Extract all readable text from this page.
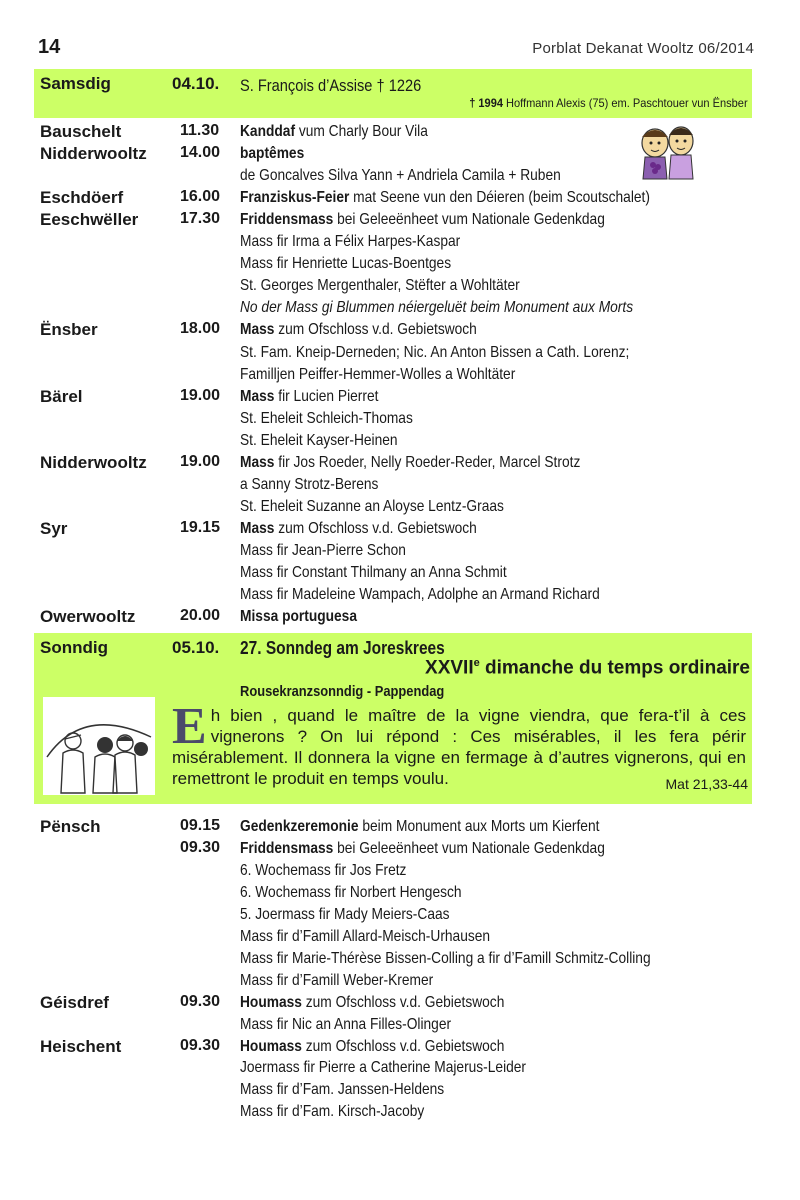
14	Porblat Dekanat Wooltz 06/2014
Samsdig	04.10.	S. François d’Assise † 1226
† 1994 Hoffmann Alexis (75) em. Paschtouer vun Ënsber
Bauschelt	11.30	Kanddaf vum Charly Bour Vila
Nidderwooltz	14.00	baptêmes
de Goncalves Silva Yann + Andriela Camila + Ruben
Eschdöerf	16.00	Franziskus-Feier mat Seene vun den Déieren (beim Scoutschalet)
Eeschwëller	17.30	Friddensmass bei Geleeënheet vum Nationale Gedenkdag
Mass fir Irma a Félix Harpes-Kaspar
Mass fir Henriette Lucas-Boentges
St. Georges Mergenthaler, Stëfter a Wohltäter
No der Mass gi Blummen néiergeluët beim Monument aux Morts
Ënsber	18.00	Mass zum Ofschloss v.d. Gebietswoch
St. Fam. Kneip-Derneden; Nic. An Anton Bissen a Cath. Lorenz;
Familljen Peiffer-Hemmer-Wolles a Wohltäter
Bärel	19.00	Mass fir Lucien Pierret
St. Eheleit Schleich-Thomas
St. Eheleit Kayser-Heinen
Nidderwooltz	19.00	Mass fir Jos Roeder, Nelly Roeder-Reder, Marcel Strotz
a Sanny Strotz-Berens
St. Eheleit Suzanne an Aloyse Lentz-Graas
Syr	19.15	Mass zum Ofschloss v.d. Gebietswoch
Mass fir Jean-Pierre Schon
Mass fir Constant Thilmany an Anna Schmit
Mass fir Madeleine Wampach, Adolphe an Armand Richard
Owerwooltz	20.00	Missa portuguesa
Sonndig	05.10.	27. Sonndeg am Joreskrees
XXVIIe dimanche du temps ordinaire
Rousekranzsonndig - Pappendag
Eh bien , quand le maître de la vigne viendra, que fera-t’il à ces vignerons ? On lui répond : Ces misérables, il les fera périr misérablement. Il donnera la vigne en fermage à d’autres vignerons, qui en remettront le produit en temps voulu.	Mat 21,33-44
Pënsch	09.15	Gedenkzeremonie beim Monument aux Morts um Kierfent
09.30	Friddensmass bei Geleeënheet vum Nationale Gedenkdag
6. Wochemass fir Jos Fretz
6. Wochemass fir Norbert Hengesch
5. Joermass fir Mady Meiers-Caas
Mass fir d’Famill Allard-Meisch-Urhausen
Mass fir Marie-Thérèse Bissen-Colling a fir d’Famill Schmitz-Colling
Mass fir d’Famill Weber-Kremer
Géisdref	09.30	Houmass zum Ofschloss v.d. Gebietswoch
Mass fir Nic an Anna Filles-Olinger
Heischent	09.30	Houmass zum Ofschloss v.d. Gebietswoch
Joermass fir Pierre a Catherine Majerus-Leider
Mass fir d’Fam. Janssen-Heldens
Mass fir d’Fam. Kirsch-Jacoby
